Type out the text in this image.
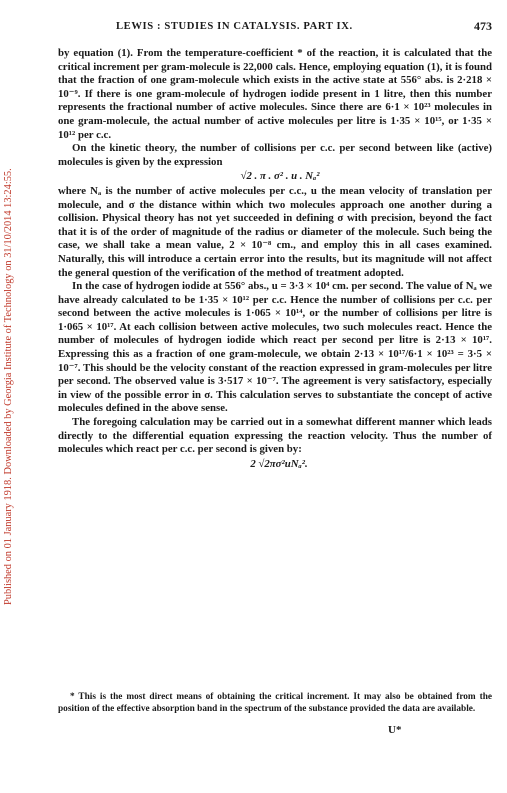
Published on 01 January 1918. Downloaded by Georgia Institute of Technology on 31/10/2014 13:24:55.
LEWIS : STUDIES IN CATALYSIS. PART IX.	473

by equation (1). From the temperature-coefficient * of the reaction, it is calculated that the critical increment per gram-molecule is 22,000 cals. Hence, employing equation (1), it is found that the fraction of one gram-molecule which exists in the active state at 556° abs. is 2·218 × 10⁻⁹. If there is one gram-molecule of hydrogen iodide present in 1 litre, then this number represents the fractional number of active molecules. Since there are 6·1 × 10²³ molecules in one gram-molecule, the actual number of active molecules per litre is 1·35 × 10¹⁵, or 1·35 × 10¹² per c.c.

On the kinetic theory, the number of collisions per c.c. per second between like (active) molecules is given by the expression

√2 . π . σ² . u . Nₐ²

where Nₐ is the number of active molecules per c.c., u the mean velocity of translation per molecule, and σ the distance within which two molecules approach one another during a collision. Physical theory has not yet succeeded in defining σ with precision, beyond the fact that it is of the order of magnitude of the radius or diameter of the molecule. Such being the case, we shall take a mean value, 2 × 10⁻⁸ cm., and employ this in all cases examined. Naturally, this will introduce a certain error into the results, but its magnitude will not affect the general question of the verification of the method of treatment adopted.

In the case of hydrogen iodide at 556° abs., u = 3·3 × 10⁴ cm. per second. The value of Nₐ we have already calculated to be 1·35 × 10¹² per c.c. Hence the number of collisions per c.c. per second between the active molecules is 1·065 × 10¹⁴, or the number of collisions per litre is 1·065 × 10¹⁷. At each collision between active molecules, two such molecules react. Hence the number of molecules of hydrogen iodide which react per second per litre is 2·13 × 10¹⁷. Expressing this as a fraction of one gram-molecule, we obtain 2·13 × 10¹⁷/6·1 × 10²³ = 3·5 × 10⁻⁷. This should be the velocity constant of the reaction expressed in gram-molecules per litre per second. The observed value is 3·517 × 10⁻⁷. The agreement is very satisfactory, especially in view of the possible error in σ. This calculation serves to substantiate the concept of active molecules defined in the above sense.

The foregoing calculation may be carried out in a somewhat different manner which leads directly to the differential equation expressing the reaction velocity. Thus the number of molecules which react per c.c. per second is given by:

2 √2πσ²uNₐ².

* This is the most direct means of obtaining the critical increment. It may also be obtained from the position of the effective absorption band in the spectrum of the substance provided the data are available.

U*
